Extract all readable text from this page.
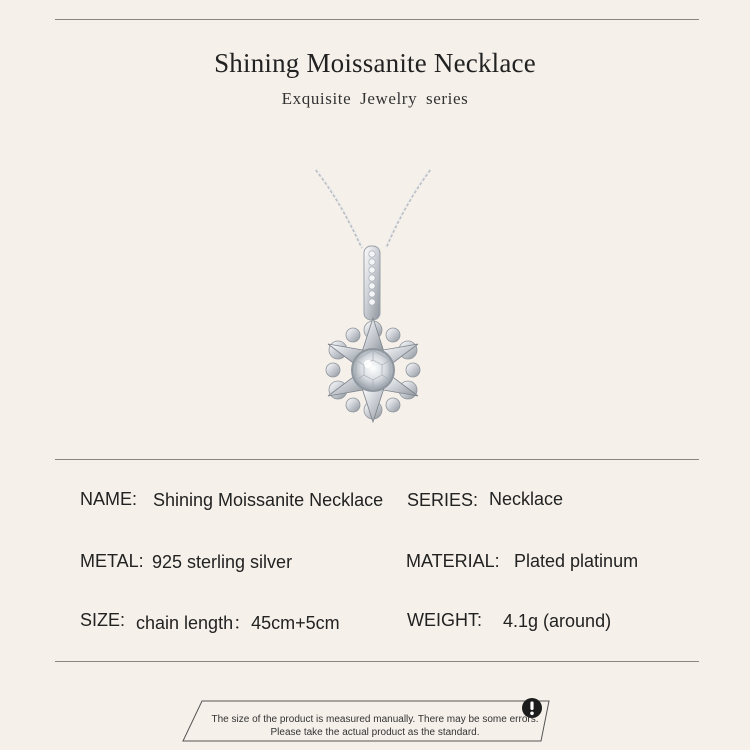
Shining Moissanite Necklace
Exquisite Jewelry series
NAME: Shining Moissanite Necklace SERIES: Necklace
METAL: 925 sterling silver	MATERIAL: Plated platinum
SIZE: chain length：45cm+5cm	WEIGHT: 4.1g (around)
The size of the product is measured manually. There may be some errors.
Please take the actual product as the standard.
